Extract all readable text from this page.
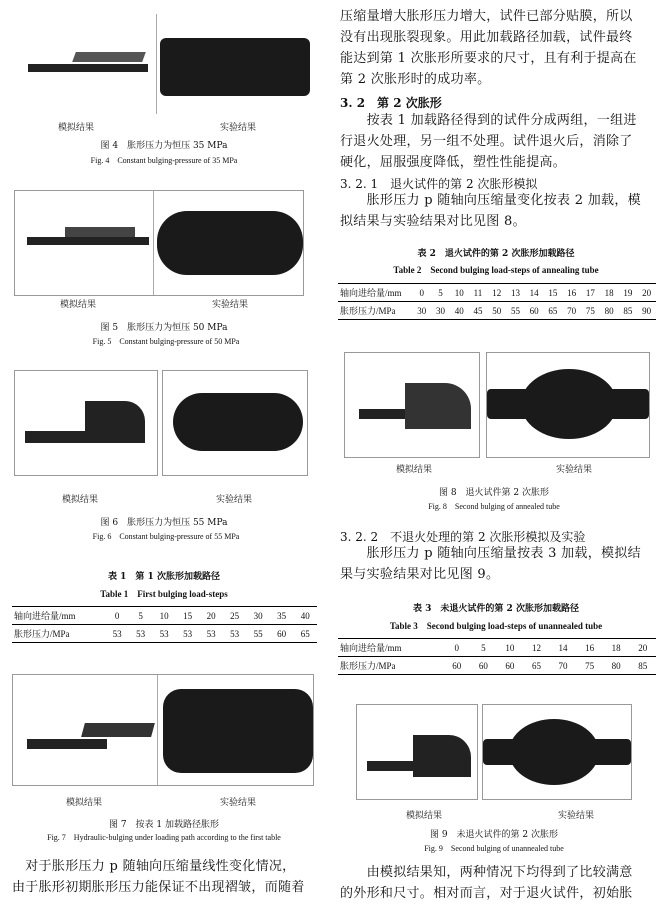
模拟结果	实验结果
图 4　胀形压力为恒压 35 MPa
Fig. 4　Constant bulging-pressure of 35 MPa
模拟结果	实验结果
图 5　胀形压力为恒压 50 MPa
Fig. 5　Constant bulging-pressure of 50 MPa
模拟结果	实验结果
图 6　胀形压力为恒压 55 MPa
Fig. 6　Constant bulging-pressure of 55 MPa
表 1　第 1 次胀形加载路径
Table 1　First bulging load-steps
轴向进给量/mm	0	5	10	15	20	25	30	35	40
胀形压力/MPa	53	53	53	53	53	53	55	60	65
模拟结果	实验结果
图 7　按表 1 加载路径胀形
Fig. 7　Hydraulic-bulging under loading path according to the first table
　对于胀形压力 p 随轴向压缩量线性变化情况，
由于胀形初期胀形压力能保证不出现褶皱，而随着
压缩量增大胀形压力增大，试件已部分贴膜，所以
没有出现胀裂现象。用此加载路径加载，试件最终
能达到第 1 次胀形所要求的尺寸，且有利于提高在
第 2 次胀形时的成功率。
3. 2　第 2 次胀形
　　按表 1 加载路径得到的试件分成两组，一组进
行退火处理，另一组不处理。试件退火后，消除了
硬化，屈服强度降低，塑性性能提高。
3. 2. 1　退火试件的第 2 次胀形模拟
　　胀形压力 p 随轴向压缩量变化按表 2 加载，模
拟结果与实验结果对比见图 8。
表 2　退火试件的第 2 次胀形加载路径
Table 2　Second bulging load-steps of annealing tube
轴向进给量/mm	0	5	10	11	12	13	14	15	16	17	18	19	20
胀形压力/MPa	30	30	40	45	50	55	60	65	70	75	80	85	90
模拟结果	实验结果
图 8　退火试件第 2 次胀形
Fig. 8　Second bulging of annealed tube
3. 2. 2　不退火处理的第 2 次胀形模拟及实验
　　胀形压力 p 随轴向压缩量按表 3 加载，模拟结
果与实验结果对比见图 9。
表 3　未退火试件的第 2 次胀形加载路径
Table 3　Second bulging load-steps of unannealed tube
轴向进给量/mm	0	5	10	12	14	16	18	20
胀形压力/MPa	60	60	60	65	70	75	80	85
模拟结果	实验结果
图 9　未退火试件的第 2 次胀形
Fig. 9　Second bulging of unannealed tube
　　由模拟结果知，两种情况下均得到了比较满意
的外形和尺寸。相对而言，对于退火试件，初始胀
